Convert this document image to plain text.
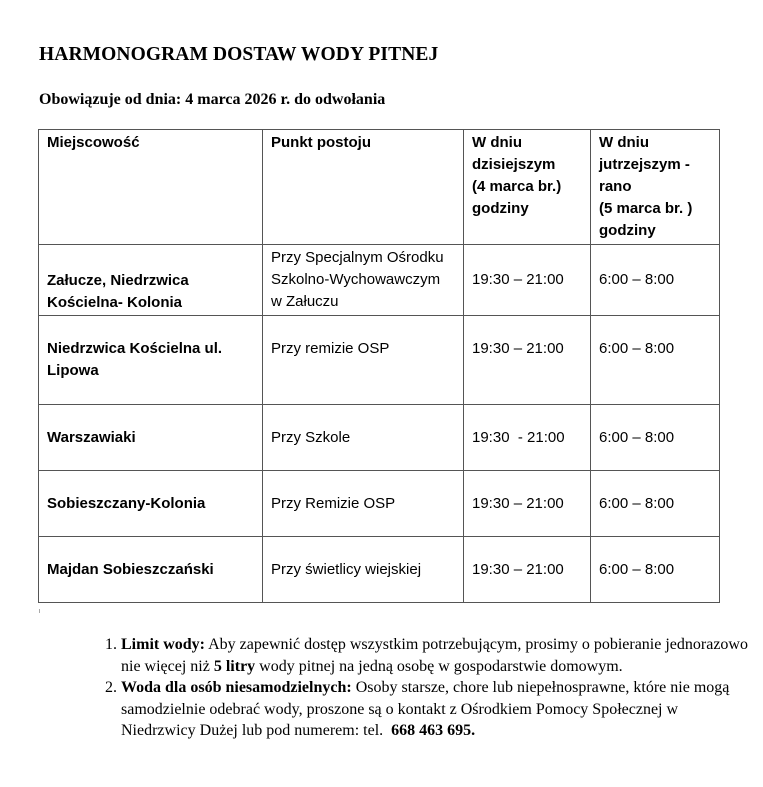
HARMONOGRAM DOSTAW WODY PITNEJ

Obowiązuje od dnia: 4 marca 2026 r. do odwołania

Miejscowość	Punkt postoju	W dniu
dzisiejszym
(4 marca br.)
godziny	W dniu
jutrzejszym -
rano
(5 marca br. )
godziny
Załucze, Niedrzwica
Kościelna- Kolonia	Przy Specjalnym Ośrodku
Szkolno-Wychowawczym
w Załuczu	19:30 – 21:00	6:00 – 8:00
Niedrzwica Kościelna ul.
Lipowa	Przy remizie OSP	19:30 – 21:00	6:00 – 8:00
Warszawiaki	Przy Szkole	19:30  - 21:00	6:00 – 8:00
Sobieszczany-Kolonia	Przy Remizie OSP	19:30 – 21:00	6:00 – 8:00
Majdan Sobieszczański	Przy świetlicy wiejskiej	19:30 – 21:00	6:00 – 8:00
1. Limit wody: Aby zapewnić dostęp wszystkim potrzebującym, prosimy o pobieranie jednorazowo nie więcej niż 5 litry wody pitnej na jedną osobę w gospodarstwie domowym.
2. Woda dla osób niesamodzielnych: Osoby starsze, chore lub niepełnosprawne, które nie mogą samodzielnie odebrać wody, proszone są o kontakt z Ośrodkiem Pomocy Społecznej w Niedrzwicy Dużej lub pod numerem: tel.  668 463 695.
